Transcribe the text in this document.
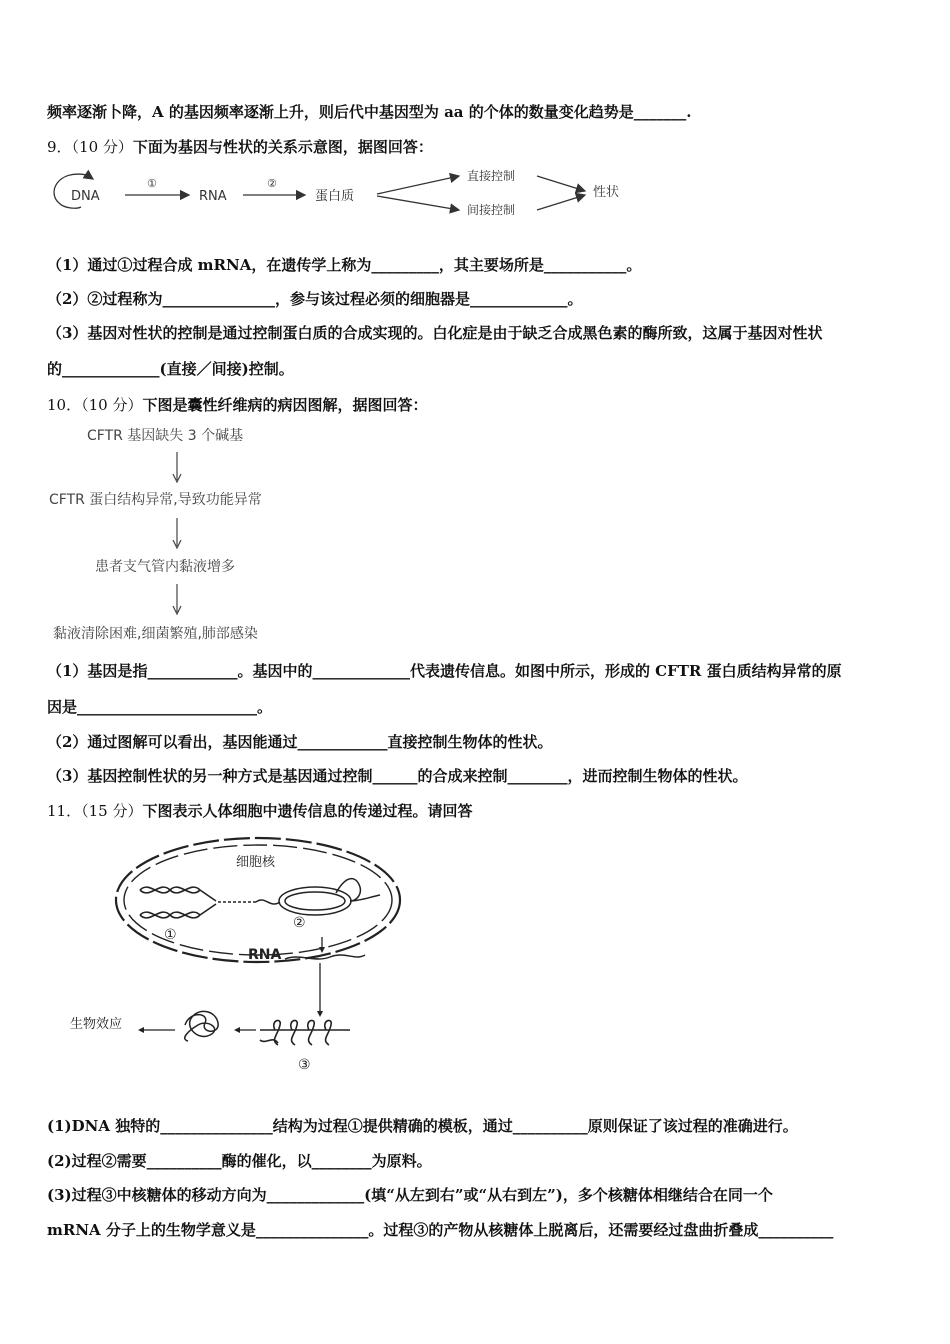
频率逐渐卜降，A 的基因频率逐渐上升，则后代中基因型为 aa 的个体的数量变化趋势是_______.
9．（10 分）下面为基因与性状的关系示意图，据图回答：
DNA
①
RNA
②
蛋白质
直接控制
间接控制
性状
（1）通过①过程合成 mRNA，在遗传学上称为_________，其主要场所是___________。
（2）②过程称为_______________，参与该过程必须的细胞器是_____________。
（3）基因对性状的控制是通过控制蛋白质的合成实现的。白化症是由于缺乏合成黑色素的酶所致，这属于基因对性状
的_____________(直接／间接)控制。
10．（10 分）下图是囊性纤维病的病因图解，据图回答：
CFTR 基因缺失 3 个碱基
CFTR 蛋白结构异常,导致功能异常
患者支气管内黏液增多
黏液清除困难,细菌繁殖,肺部感染
（1）基因是指____________。基因中的_____________代表遗传信息。如图中所示，形成的 CFTR 蛋白质结构异常的原
因是________________________。
（2）通过图解可以看出，基因能通过____________直接控制生物体的性状。
（3）基因控制性状的另一种方式是基因通过控制______的合成来控制________，进而控制生物体的性状。
11．（15 分）下图表示人体细胞中遗传信息的传递过程。请回答
细胞核
①
②
RNA
③
生物效应
(1)DNA 独特的_______________结构为过程①提供精确的模板，通过__________原则保证了该过程的准确进行。
(2)过程②需要__________酶的催化，以________为原料。
(3)过程③中核糖体的移动方向为_____________(填“从左到右”或“从右到左”)，多个核糖体相继结合在同一个
mRNA 分子上的生物学意义是_______________。过程③的产物从核糖体上脱离后，还需要经过盘曲折叠成__________
